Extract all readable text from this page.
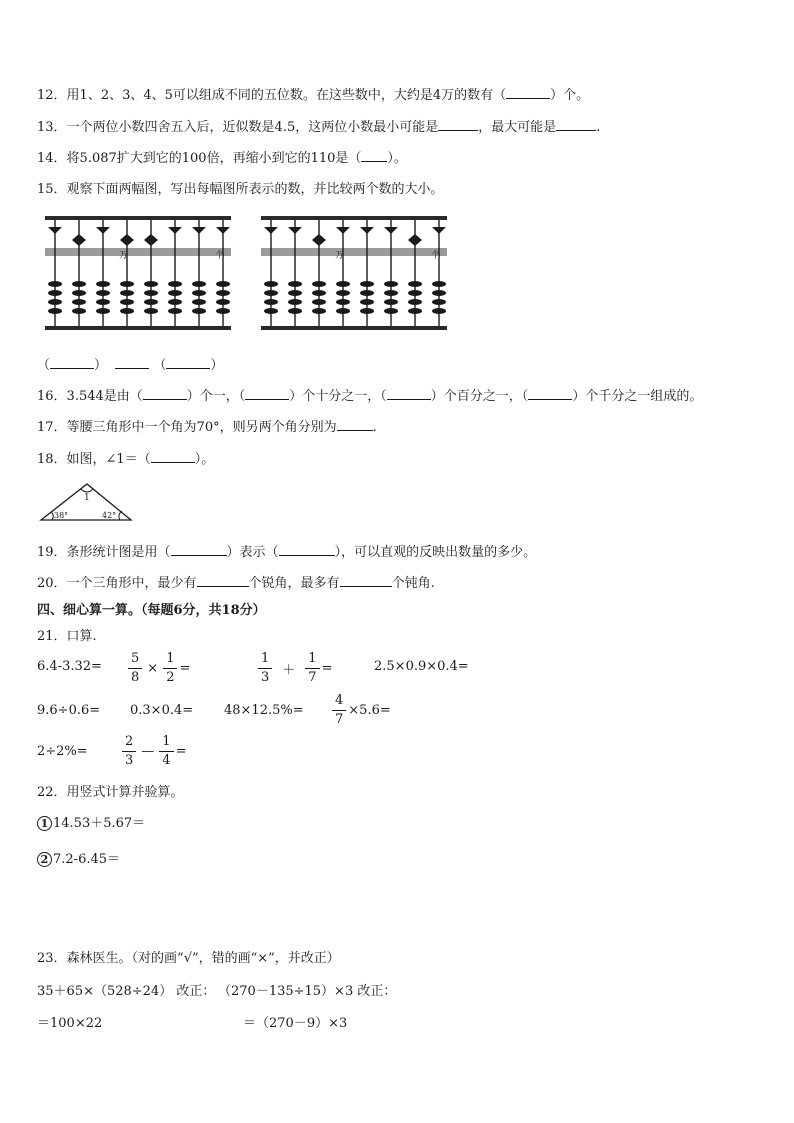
12．用1、2、3、4、5可以组成不同的五位数。在这些数中，大约是4万的数有（	）个。
13．一个两位小数四舍五入后，近似数是4.5，这两位小数最小可能是	，最大可能是	.
14．将5.087扩大到它的100倍，再缩小到它的110是（ ）。
15．观察下面两幅图，写出每幅图所表示的数，并比较两个数的大小。
万	个	万	个
（	）	（	）
16．3.544是由（	）个一，（	）个十分之一，（	）个百分之一，（	）个千分之一组成的。
17．等腰三角形中一个角为70°，则另两个角分别为	.
18．如图，∠1＝（	）。
1
38°	42°
19．条形统计图是用（	）表示（	），可以直观的反映出数量的多少。
20．一个三角形中，最少有	个锐角，最多有	个钝角.
四、细心算一算。（每题6分，共18分）
21．口算.
$6.4-3.32= \frac{5}{8} \times \frac{1}{2}$ =	$\frac{1}{3} + \frac{1}{7}$ =	2.5×0.9×0.4=
$9.6\div 0.6= 0.3\times 0.4= 48\times 12.5\%= \frac{4}{7} \times 5.6=$
2÷2%=	$\frac{2}{3}$ — $\frac{1}{4}$ =
22．用竖式计算并验算。
1 14.53＋5.67＝
2 7.2-6.45＝
23．森林医生。（对的画“√”，错的画“×”，并改正）
35＋65×（528÷24） 改正： （270－135÷15）×3 改正：
＝100×22	＝（270－9）×3
